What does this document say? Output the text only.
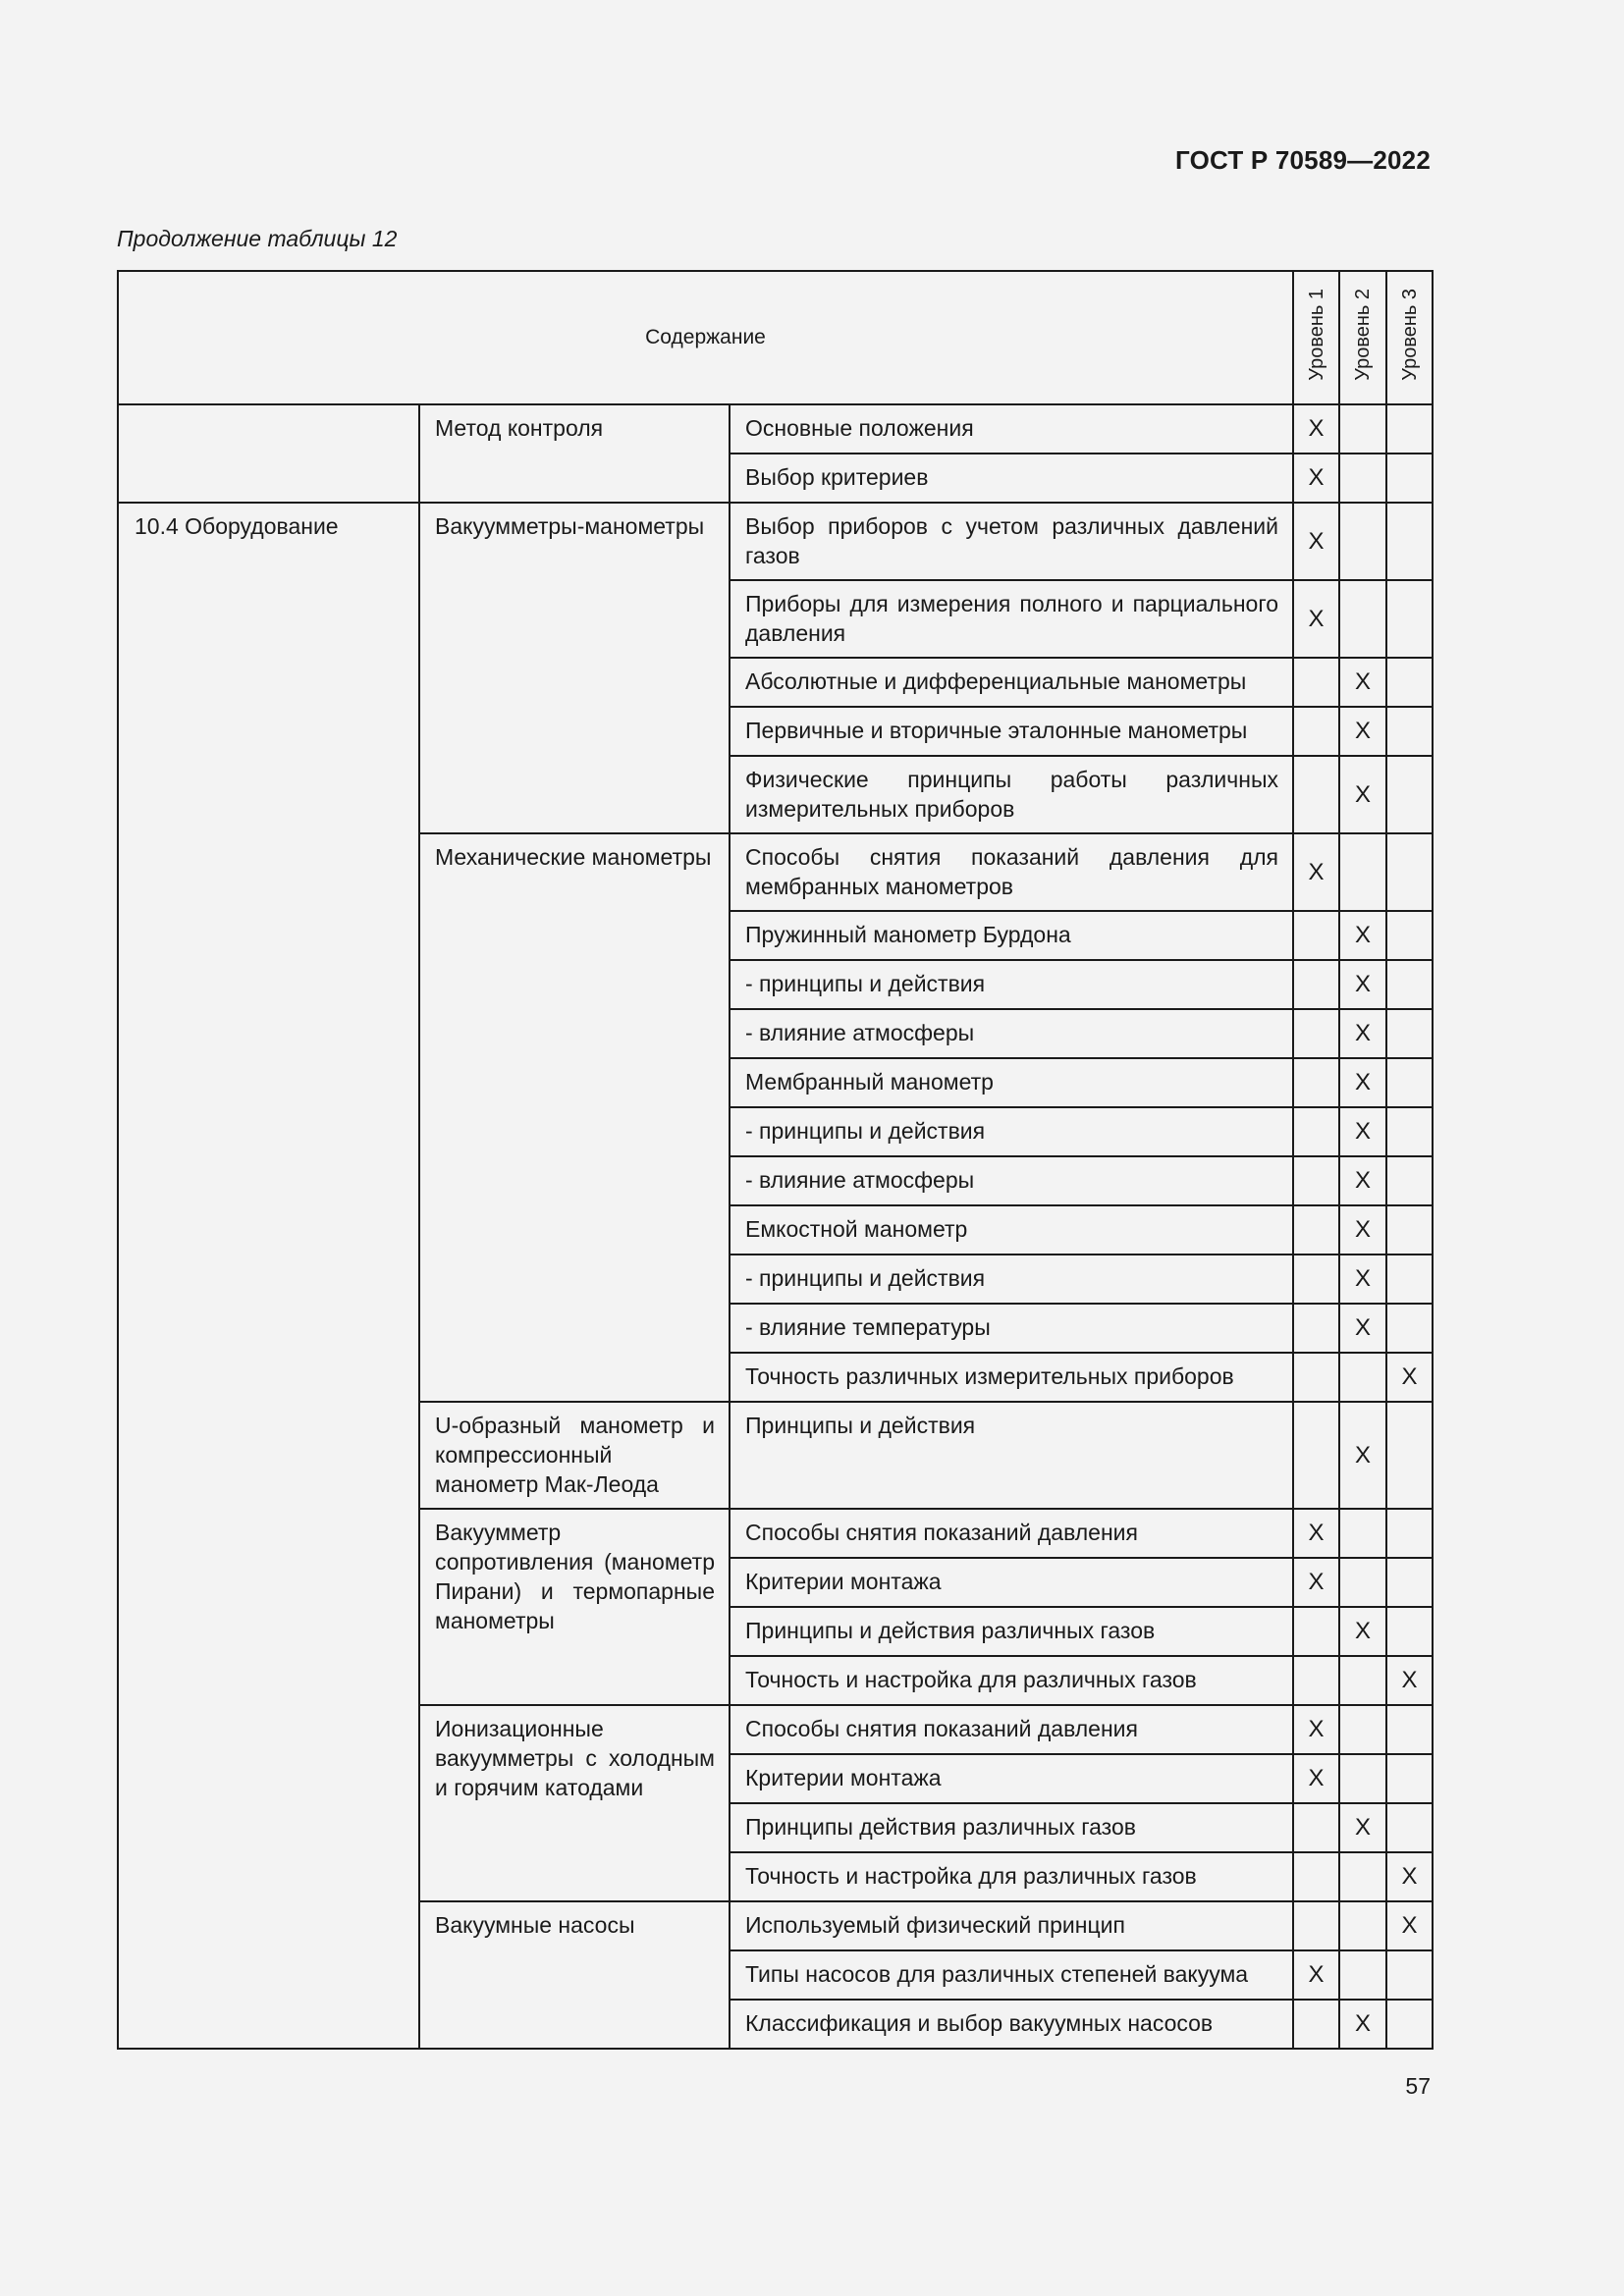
ГОСТ Р 70589—2022
Продолжение таблицы 12
Содержание			Уровень 1	Уровень 2	Уровень 3
	Метод контроля	Основные положения	X		
		Выбор критериев	X		
10.4 Оборудование	Вакуумметры-манометры	Выбор приборов с учетом различных давлений газов	X		
		Приборы для измерения полного и парциального давления	X		
		Абсолютные и дифференциальные манометры		X	
		Первичные и вторичные эталонные манометры		X	
		Физические принципы работы различных измерительных приборов		X	
	Механические манометры	Способы снятия показаний давления для мембранных манометров	X		
		Пружинный манометр Бурдона		X	
		- принципы и действия		X	
		- влияние атмосферы		X	
		Мембранный манометр		X	
		- принципы и действия		X	
		- влияние атмосферы		X	
		Емкостной манометр		X	
		- принципы и действия		X	
		- влияние температуры		X	
		Точность различных измерительных приборов			X
	U-образный манометр и компрессионный манометр Мак-Леода	Принципы и действия		X	
	Вакуумметр сопротивления (манометр Пирани) и термопарные манометры	Способы снятия показаний давления	X		
		Критерии монтажа	X		
		Принципы и действия различных газов		X	
		Точность и настройка для различных газов			X
	Ионизационные вакуумметры с холодным и горячим катодами	Способы снятия показаний давления	X		
		Критерии монтажа	X		
		Принципы действия различных газов		X	
		Точность и настройка для различных газов			X
	Вакуумные насосы	Используемый физический принцип			X
		Типы насосов для различных степеней вакуума	X		
		Классификация и выбор вакуумных насосов		X	
57
